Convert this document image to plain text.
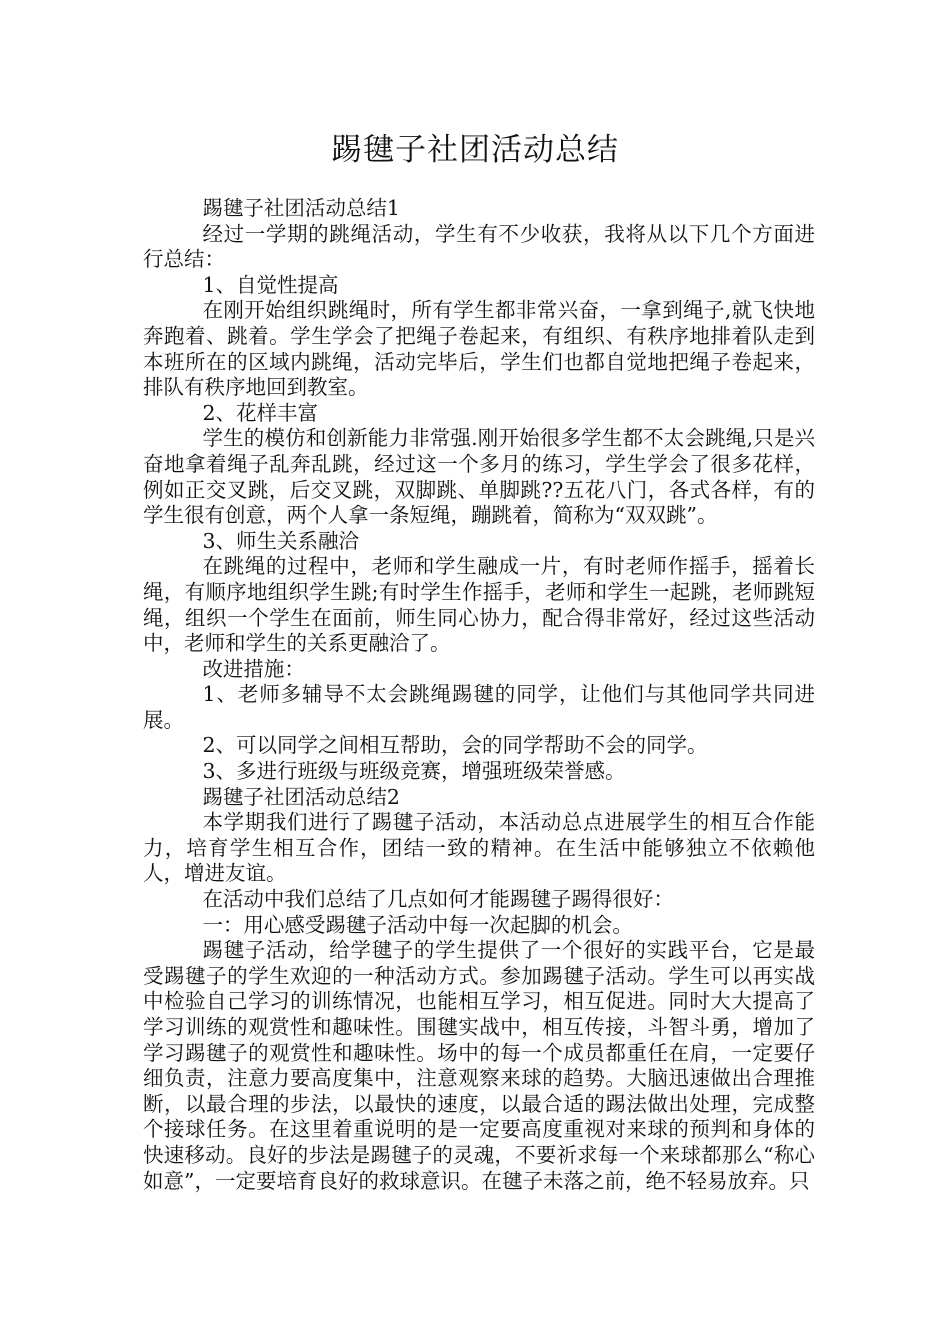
踢毽子社团活动总结

踢毽子社团活动总结1

经过一学期的跳绳活动，学生有不少收获，我将从以下几个方面进行总结：

1、自觉性提高

在刚开始组织跳绳时，所有学生都非常兴奋，一拿到绳子,就飞快地奔跑着、跳着。学生学会了把绳子卷起来，有组织、有秩序地排着队走到本班所在的区域内跳绳，活动完毕后，学生们也都自觉地把绳子卷起来，排队有秩序地回到教室。

2、花样丰富

学生的模仿和创新能力非常强.刚开始很多学生都不太会跳绳,只是兴奋地拿着绳子乱奔乱跳，经过这一个多月的练习，学生学会了很多花样，例如正交叉跳，后交叉跳，双脚跳、单脚跳??五花八门，各式各样，有的学生很有创意，两个人拿一条短绳，蹦跳着，简称为“双双跳”。

3、师生关系融洽

在跳绳的过程中，老师和学生融成一片，有时老师作摇手，摇着长绳，有顺序地组织学生跳;有时学生作摇手，老师和学生一起跳，老师跳短绳，组织一个学生在面前，师生同心协力，配合得非常好，经过这些活动中，老师和学生的关系更融洽了。

改进措施：

1、老师多辅导不太会跳绳踢毽的同学，让他们与其他同学共同进展。

2、可以同学之间相互帮助，会的同学帮助不会的同学。

3、多进行班级与班级竞赛，增强班级荣誉感。

踢毽子社团活动总结2

本学期我们进行了踢毽子活动，本活动总点进展学生的相互合作能力，培育学生相互合作，团结一致的精神。在生活中能够独立不依赖他人，增进友谊。

在活动中我们总结了几点如何才能踢毽子踢得很好：

一：用心感受踢毽子活动中每一次起脚的机会。

踢毽子活动，给学毽子的学生提供了一个很好的实践平台，它是最受踢毽子的学生欢迎的一种活动方式。参加踢毽子活动。学生可以再实战中检验自己学习的训练情况，也能相互学习，相互促进。同时大大提高了学习训练的观赏性和趣味性。围毽实战中，相互传接，斗智斗勇，增加了学习踢毽子的观赏性和趣味性。场中的每一个成员都重任在肩，一定要仔细负责，注意力要高度集中，注意观察来球的趋势。大脑迅速做出合理推断，以最合理的步法，以最快的速度，以最合适的踢法做出处理，完成整个接球任务。在这里着重说明的是一定要高度重视对来球的预判和身体的快速移动。良好的步法是踢毽子的灵魂，不要祈求每一个来球都那么“称心如意”，一定要培育良好的救球意识。在毽子未落之前，绝不轻易放弃。只
